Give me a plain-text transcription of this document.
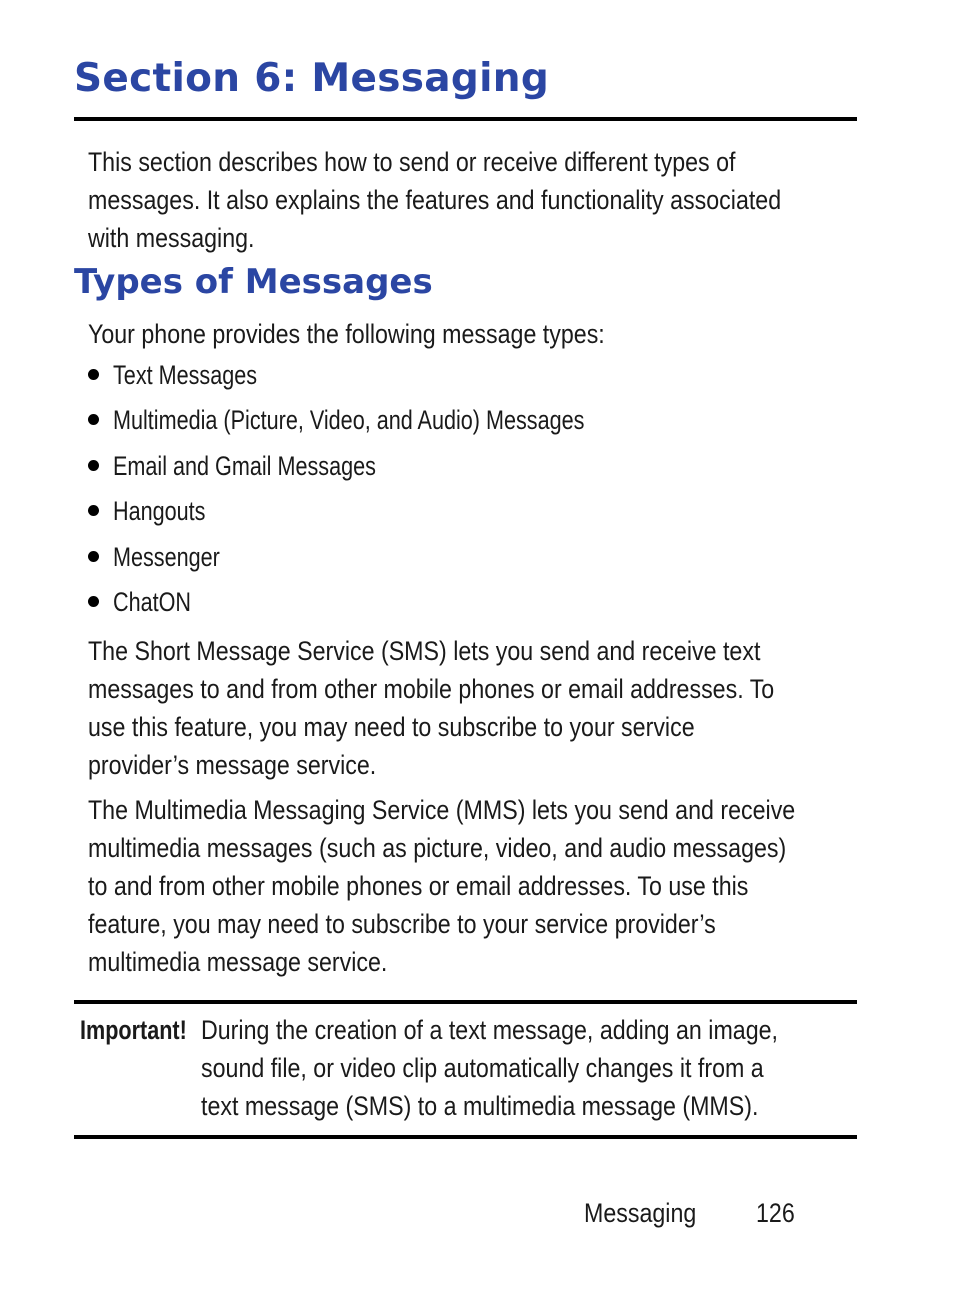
Section 6: Messaging
This section describes how to send or receive different types of
messages. It also explains the features and functionality associated
with messaging.
Types of Messages
Your phone provides the following message types:
Text Messages
Multimedia (Picture, Video, and Audio) Messages
Email and Gmail Messages
Hangouts
Messenger
ChatON
The Short Message Service (SMS) lets you send and receive text
messages to and from other mobile phones or email addresses. To
use this feature, you may need to subscribe to your service
provider’s message service.
The Multimedia Messaging Service (MMS) lets you send and receive
multimedia messages (such as picture, video, and audio messages)
to and from other mobile phones or email addresses. To use this
feature, you may need to subscribe to your service provider’s
multimedia message service.
Important! During the creation of a text message, adding an image,
sound file, or video clip automatically changes it from a
text message (SMS) to a multimedia message (MMS).
Messaging 126
